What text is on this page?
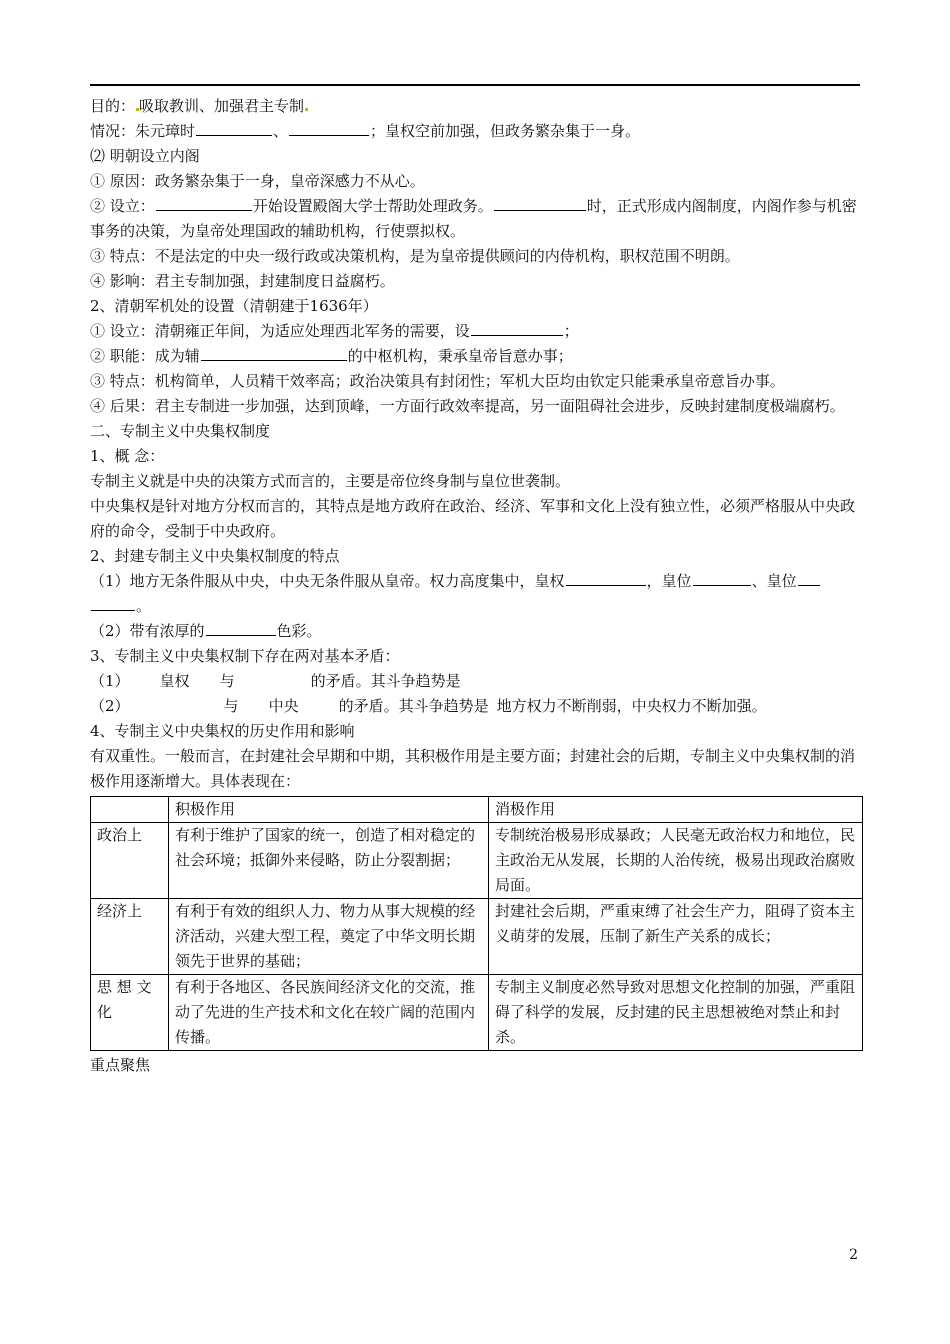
目的： 吸取教训、加强君主专制

情况：朱元璋时	、	；皇权空前加强，但政务繁杂集于一身。

⑵ 明朝设立内阁

① 原因：政务繁杂集于一身，皇帝深感力不从心。

② 设立：	开始设置殿阁大学士帮助处理政务。	时，正式形成内阁制度，内阁作参与机密事务的决策，为皇帝处理国政的辅助机构，行使票拟权。

③ 特点：不是法定的中央一级行政或决策机构，是为皇帝提供顾问的内侍机构，职权范围不明朗。

④ 影响：君主专制加强，封建制度日益腐朽。

2、清朝军机处的设置（清朝建于1636年）

① 设立：清朝雍正年间，为适应处理西北军务的需要，设	；

② 职能：成为辅	的中枢机构，秉承皇帝旨意办事；

③ 特点：机构简单，人员精干效率高；政治决策具有封闭性；军机大臣均由钦定只能秉承皇帝意旨办事。

④ 后果：君主专制进一步加强，达到顶峰，一方面行政效率提高，另一面阻碍社会进步，反映封建制度极端腐朽。

二、专制主义中央集权制度

1、概 念：

专制主义就是中央的决策方式而言的，主要是帝位终身制与皇位世袭制。

中央集权是针对地方分权而言的，其特点是地方政府在政治、经济、军事和文化上没有独立性，必须严格服从中央政府的命令，受制于中央政府。

2、封建专制主义中央集权制度的特点

（1）地方无条件服从中央，中央无条件服从皇帝。权力高度集中，皇权	，皇位	、皇位
。

（2）带有浓厚的	色彩。

3、专制主义中央集权制下存在两对基本矛盾：

（1） 皇权 与	的矛盾。其斗争趋势是

（2）	与 中央	的矛盾。其斗争趋势是 地方权力不断削弱，中央权力不断加强。

4、专制主义中央集权的历史作用和影响

有双重性。一般而言，在封建社会早期和中期，其积极作用是主要方面；封建社会的后期，专制主义中央集权制的消极作用逐渐增大。具体表现在：

	积极作用	消极作用
政治上	有利于维护了国家的统一，创造了相对稳定的社会环境；抵御外来侵略，防止分裂割据；	专制统治极易形成暴政；人民毫无政治权力和地位，民主政治无从发展，长期的人治传统，极易出现政治腐败局面。
经济上	有利于有效的组织人力、物力从事大规模的经济活动，兴建大型工程，奠定了中华文明长期领先于世界的基础；	封建社会后期，严重束缚了社会生产力，阻碍了资本主义萌芽的发展，压制了新生产关系的成长；
思 想 文 化	有利于各地区、各民族间经济文化的交流，推动了先进的生产技术和文化在较广阔的范围内传播。	专制主义制度必然导致对思想文化控制的加强，严重阻碍了科学的发展，反封建的民主思想被绝对禁止和封杀。

重点聚焦

2
